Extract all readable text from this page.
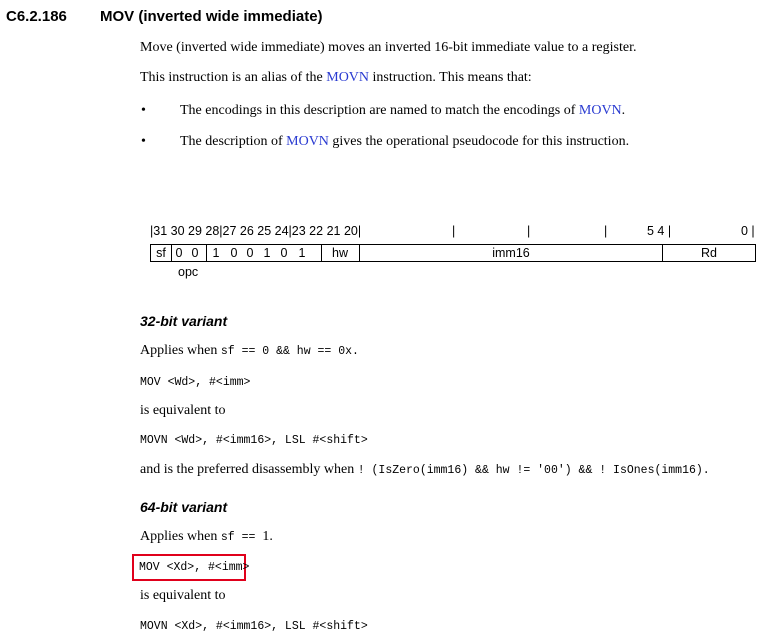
C6.2.186 MOV (inverted wide immediate)
Move (inverted wide immediate) moves an inverted 16-bit immediate value to a register.
This instruction is an alias of the MOVN instruction. This means that:
• The encodings in this description are named to match the encodings of MOVN.
• The description of MOVN gives the operational pseudocode for this instruction.
|31 30 29 28|27 26 25 24|23 22 21 20|	|	|	|	5 4 |	0 |
sf 0 0 1 0 0 1 0 1	hw	imm16	Rd
opc
32-bit variant
Applies when sf == 0 && hw == 0x.
MOV <Wd>, #<imm>
is equivalent to
MOVN <Wd>, #<imm16>, LSL #<shift>
and is the preferred disassembly when ! (IsZero(imm16) && hw != '00') && ! IsOnes(imm16).
64-bit variant
Applies when sf == 1.
MOV <Xd>, #<imm>
is equivalent to
MOVN <Xd>, #<imm16>, LSL #<shift>
